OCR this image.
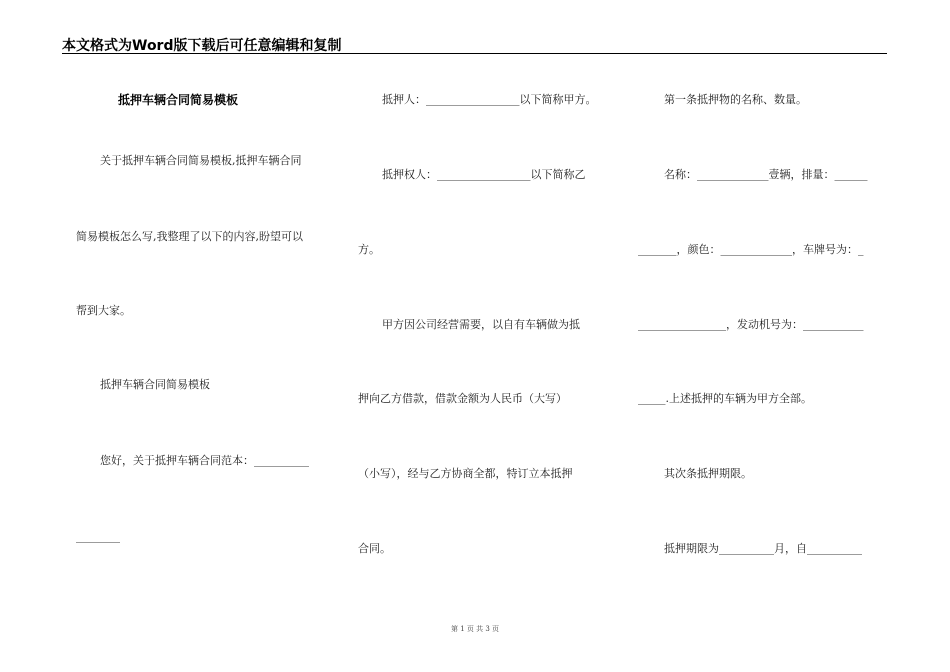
本文格式为Word版下载后可任意编辑和复制
抵押车辆合同简易模板
关于抵押车辆合同简易模板,抵押车辆合同
简易模板怎么写,我整理了以下的内容,盼望可以
帮到大家。
抵押车辆合同简易模板
您好，关于抵押车辆合同范本：__________
________
抵押人：_________________以下简称甲方。
抵押权人：_________________以下简称乙
方。
甲方因公司经营需要，以自有车辆做为抵
押向乙方借款，借款金额为人民币（大写）
（小写），经与乙方协商全都，特订立本抵押
合同。
第一条抵押物的名称、数量。
名称：_____________壹辆，排量：______
_______，颜色：_____________，车牌号为：_
________________，发动机号为：___________
_____.上述抵押的车辆为甲方全部。
其次条抵押期限。
抵押期限为__________月，自__________
第 1 页 共 3 页
